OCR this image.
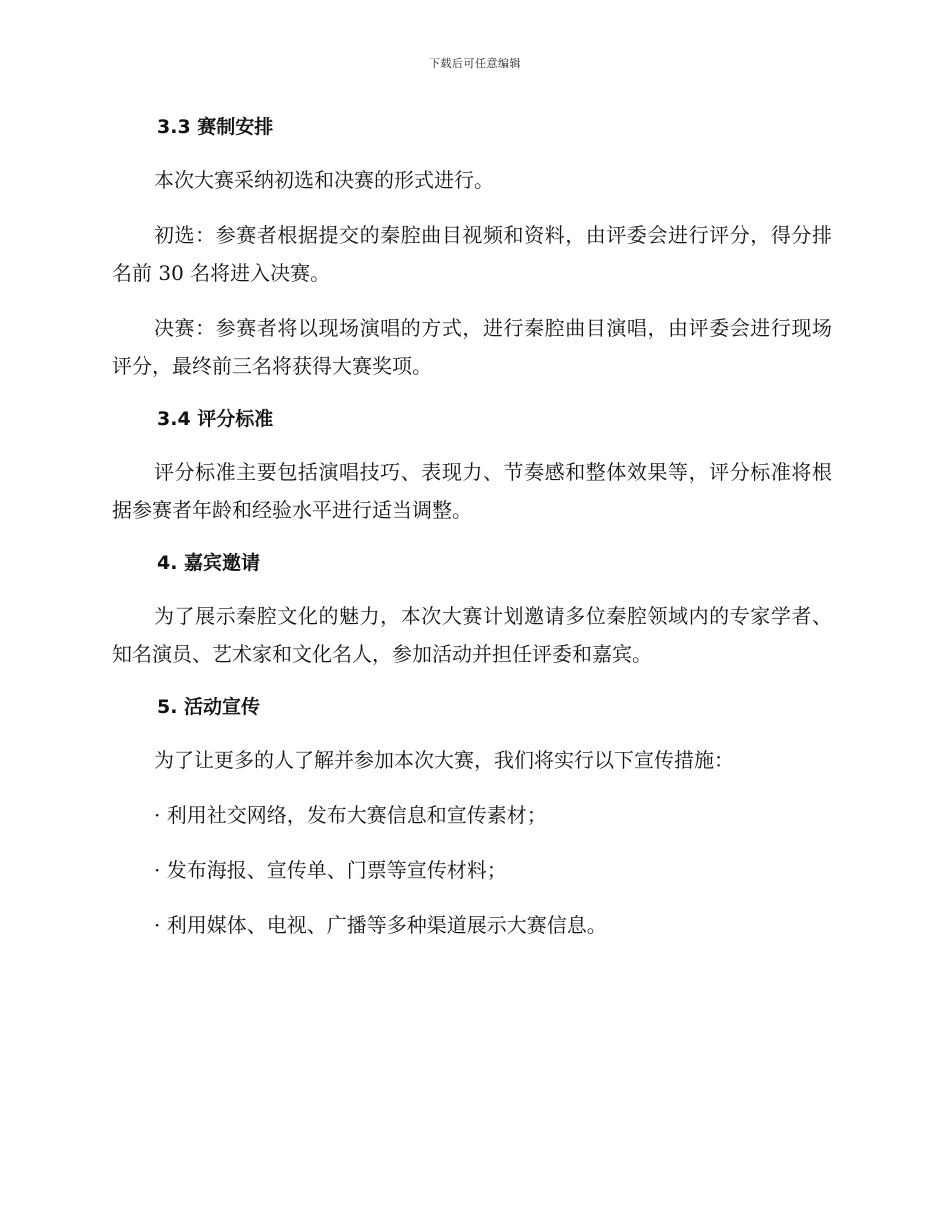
下载后可任意编辑
3.3 赛制安排

本次大赛采纳初选和决赛的形式进行。

初选：参赛者根据提交的秦腔曲目视频和资料，由评委会进行评分，得分排名前 30 名将进入决赛。

决赛：参赛者将以现场演唱的方式，进行秦腔曲目演唱，由评委会进行现场评分，最终前三名将获得大赛奖项。

3.4 评分标准

评分标准主要包括演唱技巧、表现力、节奏感和整体效果等，评分标准将根据参赛者年龄和经验水平进行适当调整。

4. 嘉宾邀请

为了展示秦腔文化的魅力，本次大赛计划邀请多位秦腔领域内的专家学者、知名演员、艺术家和文化名人，参加活动并担任评委和嘉宾。

5. 活动宣传

为了让更多的人了解并参加本次大赛，我们将实行以下宣传措施：

· 利用社交网络，发布大赛信息和宣传素材；

· 发布海报、宣传单、门票等宣传材料；

· 利用媒体、电视、广播等多种渠道展示大赛信息。
